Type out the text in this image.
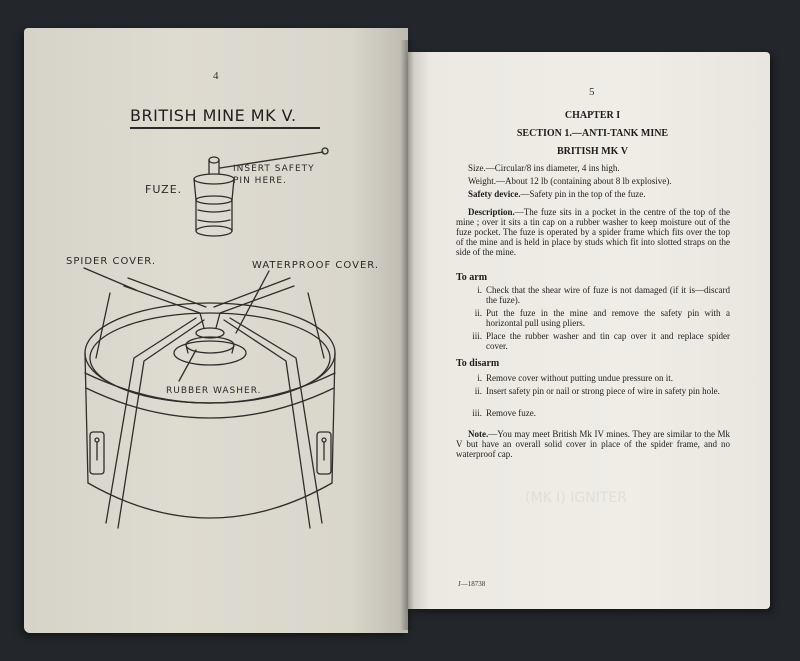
4
BRITISH MINE MK V.
INSERT SAFETY
PIN HERE.
FUZE.
SPIDER COVER.	WATERPROOF COVER.
RUBBER WASHER.
(MK I) IGNITER
5
CHAPTER I
SECTION 1.—ANTI-TANK MINE
BRITISH MK V
Size.—Circular/8 ins diameter, 4 ins high.
Weight.—About 12 lb (containing about 8 lb explosive).
Safety device.—Safety pin in the top of the fuze.
Description.—The fuze sits in a pocket in the centre of the top of the mine ; over it sits a tin cap on a rubber washer to keep moisture out of the fuze pocket. The fuze is operated by a spider frame which fits over the top of the mine and is held in place by studs which fit into slotted straps on the side of the mine.
To arm
i. Check that the shear wire of fuze is not damaged (if it is—discard the fuze).
ii. Put the fuze in the mine and remove the safety pin with a horizontal pull using pliers.
iii. Place the rubber washer and tin cap over it and replace spider cover.
To disarm
i. Remove cover without putting undue pressure on it.
ii. Insert safety pin or nail or strong piece of wire in safety pin hole.
iii. Remove fuze.
Note.—You may meet British Mk IV mines. They are similar to the Mk V but have an overall solid cover in place of the spider frame, and no waterproof cap.
J—18738
